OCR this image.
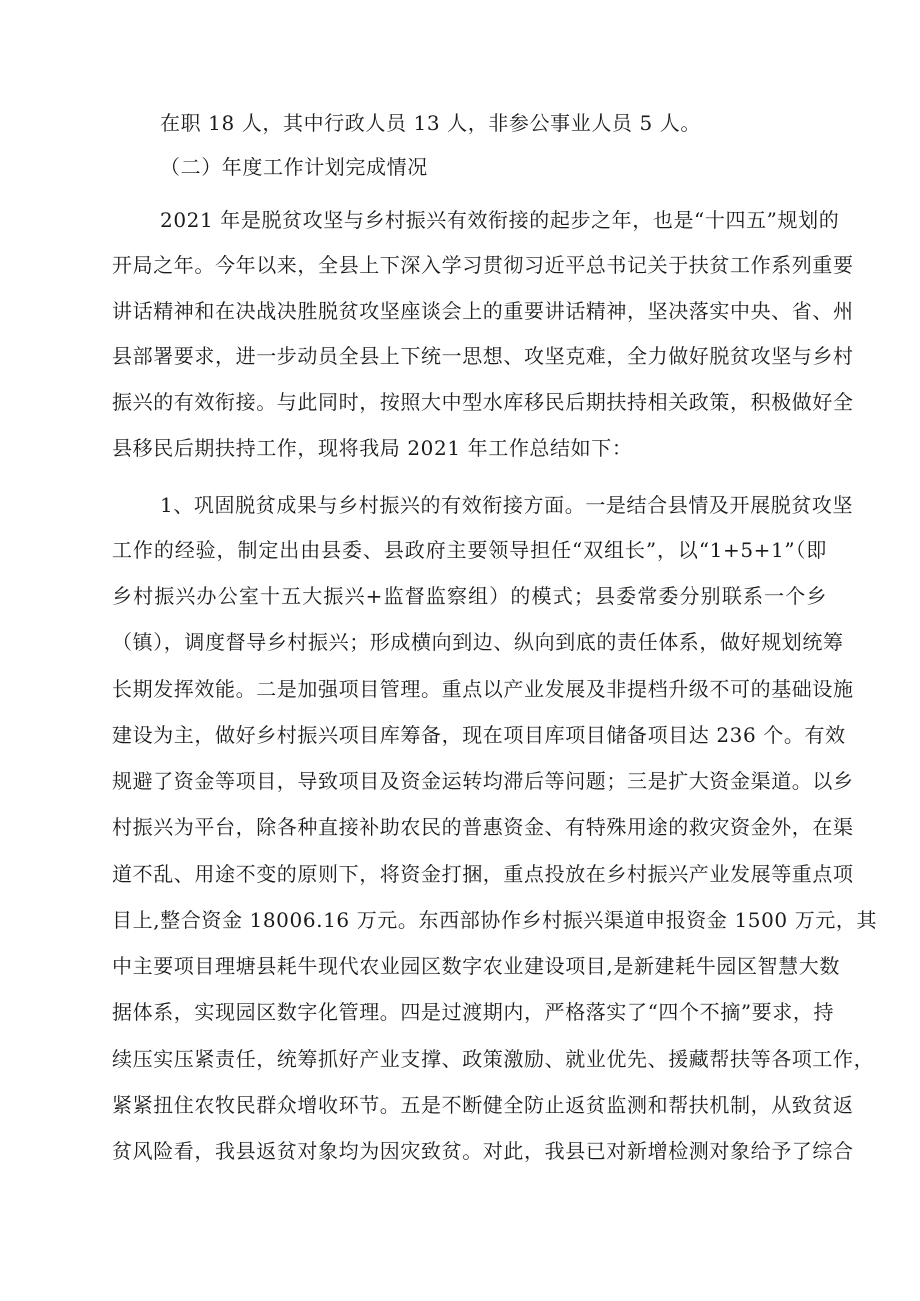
在职 18 人，其中行政人员 13 人，非参公事业人员 5 人。
（二）年度工作计划完成情况
2021 年是脱贫攻坚与乡村振兴有效衔接的起步之年，也是“十四五”规划的
开局之年。今年以来，全县上下深入学习贯彻习近平总书记关于扶贫工作系列重要
讲话精神和在决战决胜脱贫攻坚座谈会上的重要讲话精神，坚决落实中央、省、州
县部署要求，进一步动员全县上下统一思想、攻坚克难，全力做好脱贫攻坚与乡村
振兴的有效衔接。与此同时，按照大中型水库移民后期扶持相关政策，积极做好全
县移民后期扶持工作，现将我局 2021 年工作总结如下：
1、巩固脱贫成果与乡村振兴的有效衔接方面。一是结合县情及开展脱贫攻坚
工作的经验，制定出由县委、县政府主要领导担任“双组长”，以“1+5+1”（即
乡村振兴办公室十五大振兴+监督监察组）的模式；县委常委分别联系一个乡
（镇），调度督导乡村振兴；形成横向到边、纵向到底的责任体系，做好规划统筹
长期发挥效能。二是加强项目管理。重点以产业发展及非提档升级不可的基础设施
建设为主，做好乡村振兴项目库筹备，现在项目库项目储备项目达 236 个。有效
规避了资金等项目，导致项目及资金运转均滞后等问题；三是扩大资金渠道。以乡
村振兴为平台，除各种直接补助农民的普惠资金、有特殊用途的救灾资金外，在渠
道不乱、用途不变的原则下，将资金打捆，重点投放在乡村振兴产业发展等重点项
目上,整合资金 18006.16 万元。东西部协作乡村振兴渠道申报资金 1500 万元，其
中主要项目理塘县耗牛现代农业园区数字农业建设项目,是新建耗牛园区智慧大数
据体系，实现园区数字化管理。四是过渡期内，严格落实了“四个不摘”要求，持
续压实压紧责任，统筹抓好产业支撑、政策激励、就业优先、援藏帮扶等各项工作，
紧紧扭住农牧民群众增收环节。五是不断健全防止返贫监测和帮扶机制，从致贫返
贫风险看，我县返贫对象均为因灾致贫。对此，我县已对新增检测对象给予了综合
